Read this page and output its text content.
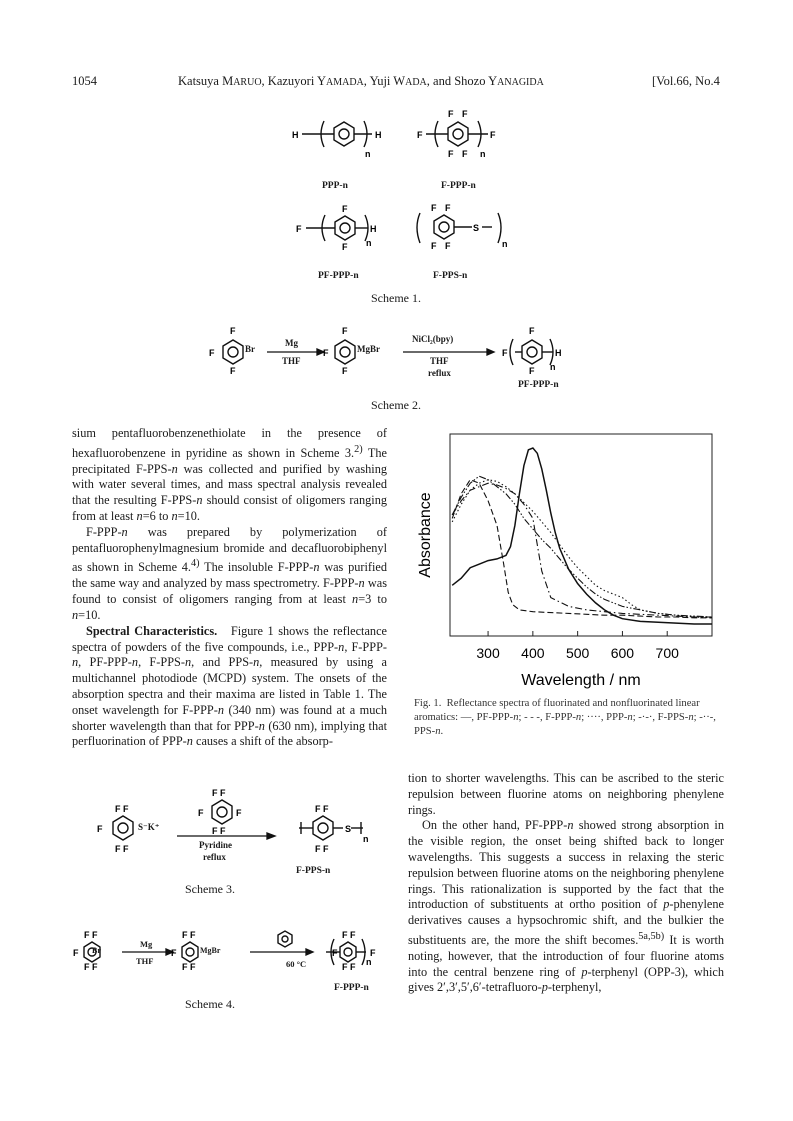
1054	Katsuya MARUO, Kazuyori YAMADA, Yuji WADA, and Shozo YANAGIDA	[Vol.66, No.4
H	H
n
F	F
n
F F
F F
F	H
n
F
F
F F
F F
S
n
PPP-n	F-PPP-n
PF-PPP-n	F-PPS-n
Scheme 1.
F
F
F
F
F
F
F
F
F
H
n
Br	MgBr
Mg
THF
NiCl₂(bpy)
THF
reflux
PF-PPP-n
Scheme 2.

sium pentafluorobenzenethiolate in the presence of hexafluorobenzene in pyridine as shown in Scheme 3.$^{2)}$ The precipitated F-PPS-n was collected and purified by washing with water several times, and mass spectral analysis revealed that the resulting F-PPS-n should consist of oligomers ranging from at least n=6 to n=10.

F-PPP-n was prepared by polymerization of pentafluorophenylmagnesium bromide and decafluorobiphenyl as shown in Scheme 4.$^{4)}$ The insoluble F-PPP-n was purified the same way and analyzed by mass spectrometry. F-PPP-n was found to consist of oligomers ranging from at least n=3 to n=10.

Spectral Characteristics.   Figure 1 shows the reflectance spectra of powders of the five compounds, i.e., PPP-n, F-PPP-n, PF-PPP-n, F-PPS-n, and PPS-n, measured by using a multichannel photodiode (MCPD) system. The onsets of the absorption spectra and their maxima are listed in Table 1. The onset wavelength for F-PPP-n (340 nm) was found at a much shorter wavelength than that for PPP-n (630 nm), implying that perfluorination of PPP-n causes a shift of the absorp-

300 400 500 600 700
Absorbance
Wavelength / nm
Fig. 1.  Reflectance spectra of fluorinated and nonfluorinated linear aromatics: —, PF-PPP-n; - - -, F-PPP-n; ····, PPP-n; -·-·, F-PPS-n; -··-, PPS-n.

tion to shorter wavelengths. This can be ascribed to the steric repulsion between fluorine atoms on neighboring phenylene rings.

On the other hand, PF-PPP-n showed strong absorption in the visible region, the onset being shifted back to longer wavelengths. This suggests a success in relaxing the steric repulsion between fluorine atoms on the neighboring phenylene rings. This rationalization is supported by the fact that the introduction of substituents at ortho position of p-phenylene derivatives causes a hypsochromic shift, and the bulkier the substituents are, the more the shift becomes.$^{5a,5b)}$ It is worth noting, however, that the introduction of four fluorine atoms into the central benzene ring of p-terphenyl (OPP-3), which gives 2′,3′,5′,6′-tetrafluoro-p-terphenyl,

F
F F
F F
F	F
F F
F F
F F
F F
S
n
S⁻K⁺
Pyridine
reflux
F-PPS-n
Scheme 3.
F
F F
F F
F
F F
F F
F	F
F F
F F n
Br	MgBr
Mg
THF	60 °C
F-PPP-n
Scheme 4.
